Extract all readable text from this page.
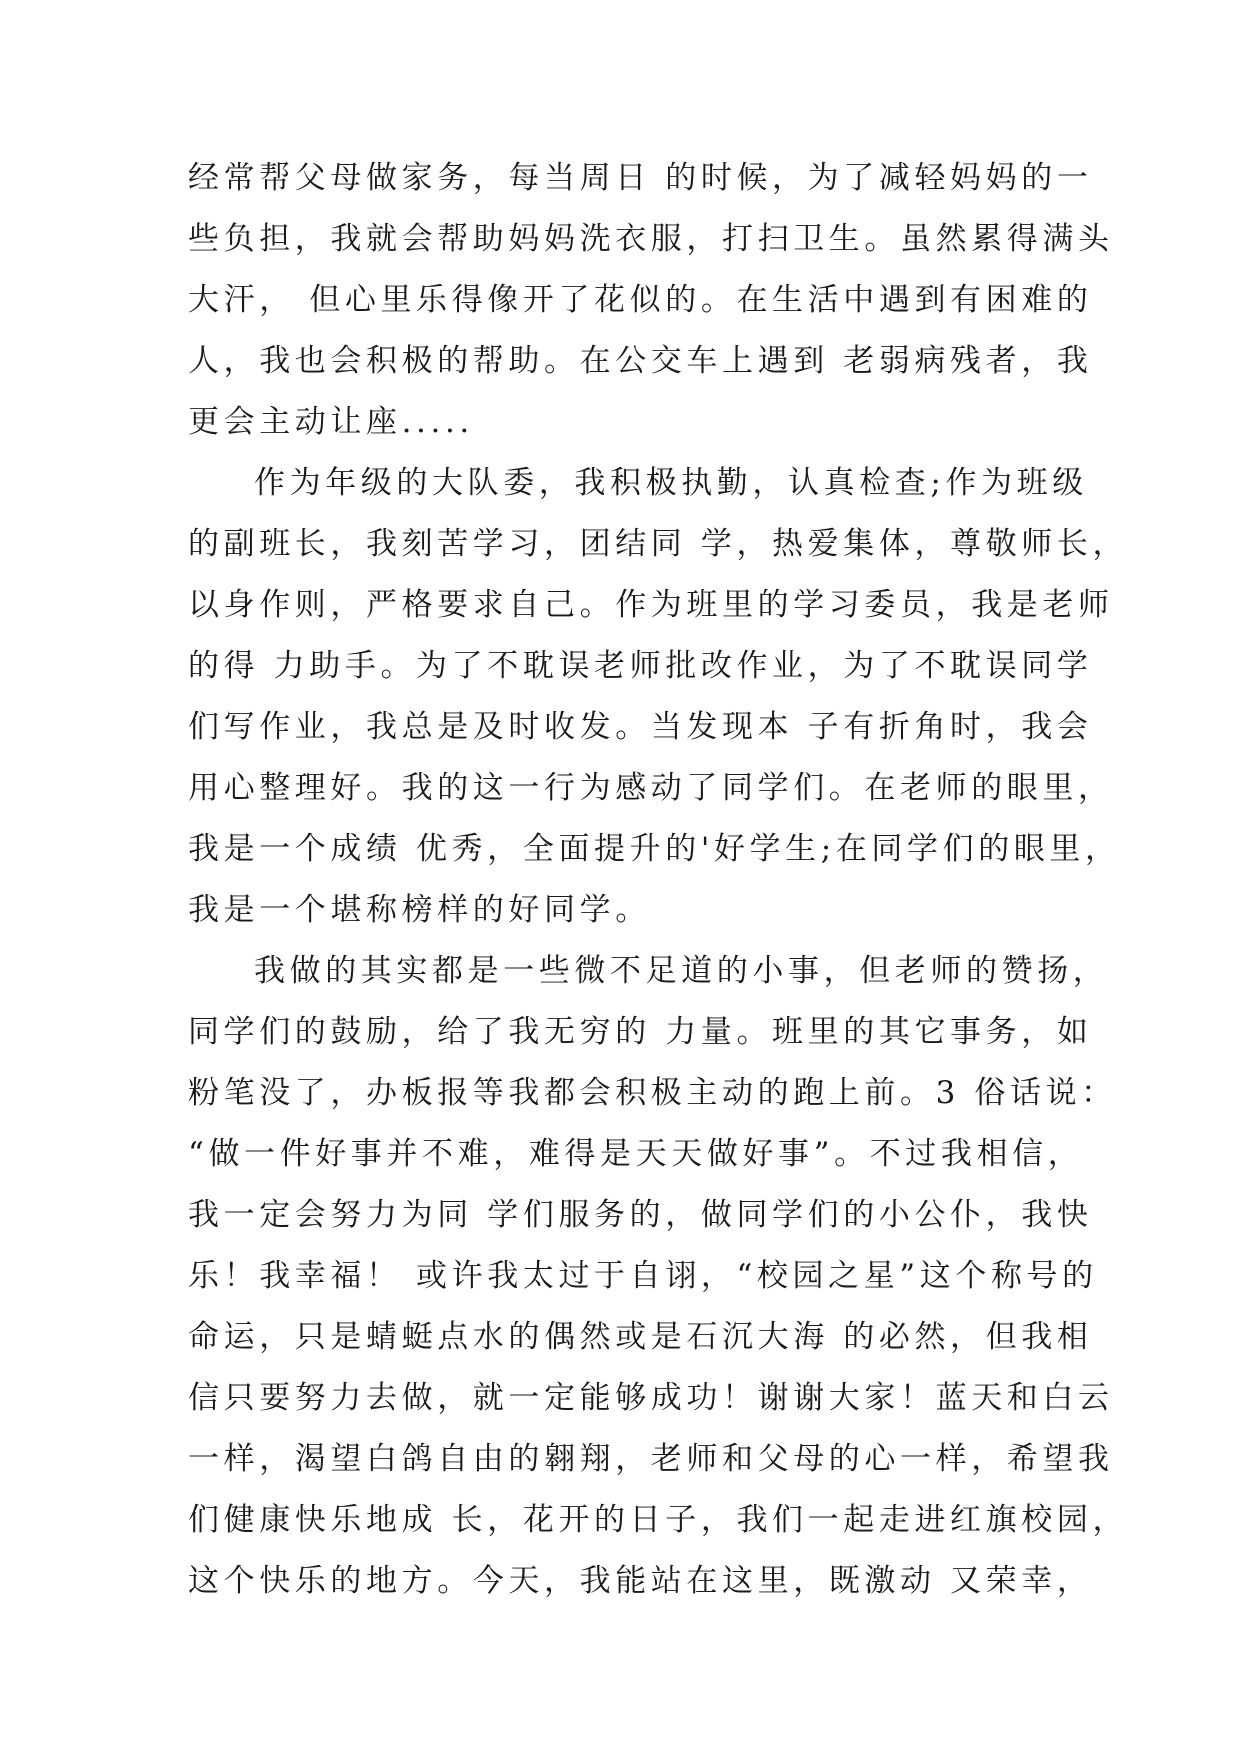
经常帮父母做家务，每当周日 的时候，为了减轻妈妈的一
些负担，我就会帮助妈妈洗衣服，打扫卫生。虽然累得满头
大汗， 但心里乐得像开了花似的。在生活中遇到有困难的
人，我也会积极的帮助。在公交车上遇到 老弱病残者，我
更会主动让座.....
作为年级的大队委，我积极执勤，认真检查;作为班级
的副班长，我刻苦学习，团结同 学，热爱集体，尊敬师长，
以身作则，严格要求自己。作为班里的学习委员，我是老师
的得 力助手。为了不耽误老师批改作业，为了不耽误同学
们写作业，我总是及时收发。当发现本 子有折角时，我会
用心整理好。我的这一行为感动了同学们。在老师的眼里，
我是一个成绩 优秀，全面提升的'好学生;在同学们的眼里，
我是一个堪称榜样的好同学。
我做的其实都是一些微不足道的小事，但老师的赞扬，
同学们的鼓励，给了我无穷的 力量。班里的其它事务，如
粉笔没了，办板报等我都会积极主动的跑上前。3 俗话说：
“做一件好事并不难，难得是天天做好事”。不过我相信，
我一定会努力为同 学们服务的，做同学们的小公仆，我快
乐！我幸福！ 或许我太过于自诩，“校园之星”这个称号的
命运，只是蜻蜓点水的偶然或是石沉大海 的必然，但我相
信只要努力去做，就一定能够成功！谢谢大家！蓝天和白云
一样，渴望白鸽自由的翱翔，老师和父母的心一样，希望我
们健康快乐地成 长，花开的日子，我们一起走进红旗校园，
这个快乐的地方。今天，我能站在这里，既激动 又荣幸，
